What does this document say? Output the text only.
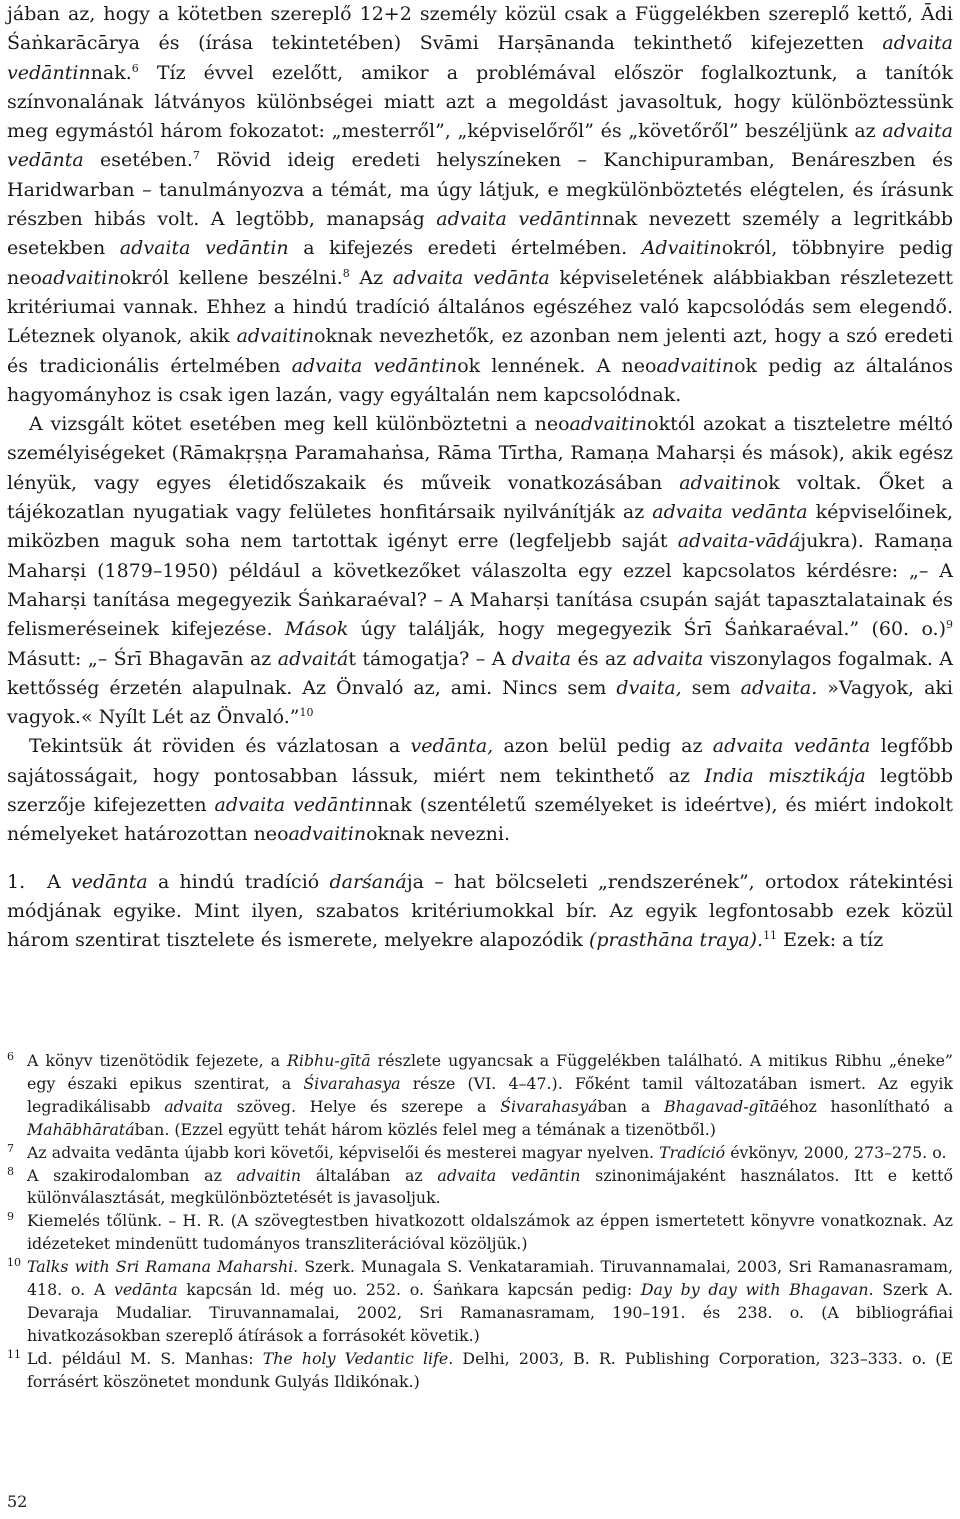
jában az, hogy a kötetben szereplő 12+2 személy közül csak a Függelékben szereplő kettő, Ādi Śaṅkarācārya és (írása tekintetében) Svāmi Harṣānanda tekinthető kifejezetten advaita vedāntinnak.$^6$ Tíz évvel ezelőtt, amikor a problémával először foglalkoztunk, a tanítók színvonalának látványos különbségei miatt azt a megoldást javasoltuk, hogy különböztessünk meg egymástól három fokozatot: „mesterről”, „képviselőről” és „követőről” beszéljünk az advaita vedānta esetében.$^7$ Rövid ideig eredeti helyszíneken – Kanchipuramban, Benáreszben és Haridwarban – tanulmányozva a témát, ma úgy látjuk, e megkülönböztetés elégtelen, és írásunk részben hibás volt. A legtöbb, manapság advaita vedāntinnak nevezett személy a legritkább esetekben advaita vedāntin a kifejezés eredeti értelmében. Advaitinokról, többnyire pedig neoadvaitinokról kellene beszélni.$^8$ Az advaita vedānta képviseletének alábbiakban részletezett kritériumai vannak. Ehhez a hindú tradíció általános egészéhez való kapcsolódás sem elegendő. Léteznek olyanok, akik advaitinoknak nevezhetők, ez azonban nem jelenti azt, hogy a szó eredeti és tradicionális értelmében advaita vedāntinok lennének. A neoadvaitinok pedig az általános hagyományhoz is csak igen lazán, vagy egyáltalán nem kapcsolódnak.

A vizsgált kötet esetében meg kell különböztetni a neoadvaitinoktól azokat a tiszteletre méltó személyiségeket (Rāmakṛṣṇa Paramahaṅsa, Rāma Tīrtha, Ramaṇa Maharṣi és mások), akik egész lényük, vagy egyes életidőszakaik és műveik vonatkozásában advaitinok voltak. Őket a tájékozatlan nyugatiak vagy felületes honfitársaik nyilvánítják az advaita vedānta képviselőinek, miközben maguk soha nem tartottak igényt erre (legfeljebb saját advaita-vādájukra). Ramaṇa Maharṣi (1879–1950) például a következőket válaszolta egy ezzel kapcsolatos kérdésre: „– A Maharṣi tanítása megegyezik Śaṅkaraéval? – A Maharṣi tanítása csupán saját tapasztalatainak és felismeréseinek kifejezése. Mások úgy találják, hogy megegyezik Śrī Śaṅkaraéval.” (60. o.)$^9$ Másutt: „– Śrī Bhagavān az advaitát támogatja? – A dvaita és az advaita viszonylagos fogalmak. A kettősség érzetén alapulnak. Az Önvaló az, ami. Nincs sem dvaita, sem advaita. »Vagyok, aki vagyok.« Nyílt Lét az Önvaló.”$^{10}$

Tekintsük át röviden és vázlatosan a vedānta, azon belül pedig az advaita vedānta legfőbb sajátosságait, hogy pontosabban lássuk, miért nem tekinthető az India misztikája legtöbb szerzője kifejezetten advaita vedāntinnak (szentéletű személyeket is ideértve), és miért indokolt némelyeket határozottan neoadvaitinoknak nevezni.

1. A vedānta a hindú tradíció darśanája – hat bölcseleti „rendszerének”, ortodox rátekintési módjának egyike. Mint ilyen, szabatos kritériumokkal bír. Az egyik legfontosabb ezek közül három szentirat tisztelete és ismerete, melyekre alapozódik (prasthāna traya).$^{11}$ Ezek: a tíz

6 A könyv tizenötödik fejezete, a Ribhu-gītā részlete ugyancsak a Függelékben található. A mitikus Ribhu „éneke” egy északi epikus szentirat, a Śivarahasya része (VI. 4–47.). Főként tamil változatában ismert. Az egyik legradikálisabb advaita szöveg. Helye és szerepe a Śivarahasyában a Bhagavad-gītāéhoz hasonlítható a Mahābhāratában. (Ezzel együtt tehát három közlés felel meg a témának a tizenötből.)

7 Az advaita vedānta újabb kori követői, képviselői és mesterei magyar nyelven. Tradíció évkönyv, 2000, 273–275. o.

8 A szakirodalomban az advaitin általában az advaita vedāntin szinonimájaként használatos. Itt e kettő különválasztását, megkülönböztetését is javasoljuk.

9 Kiemelés tőlünk. – H. R. (A szövegtestben hivatkozott oldalszámok az éppen ismertetett könyvre vonatkoznak. Az idézeteket mindenütt tudományos transzliterációval közöljük.)

10 Talks with Sri Ramana Maharshi. Szerk. Munagala S. Venkataramiah. Tiruvannamalai, 2003, Sri Ramanasramam, 418. o. A vedānta kapcsán ld. még uo. 252. o. Śaṅkara kapcsán pedig: Day by day with Bhagavan. Szerk A. Devaraja Mudaliar. Tiruvannamalai, 2002, Sri Ramanasramam, 190–191. és 238. o. (A bibliográfiai hivatkozásokban szereplő átírások a forrásokét követik.)

11 Ld. például M. S. Manhas: The holy Vedantic life. Delhi, 2003, B. R. Publishing Corporation, 323–333. o. (E forrásért köszönetet mondunk Gulyás Ildikónak.)

52
